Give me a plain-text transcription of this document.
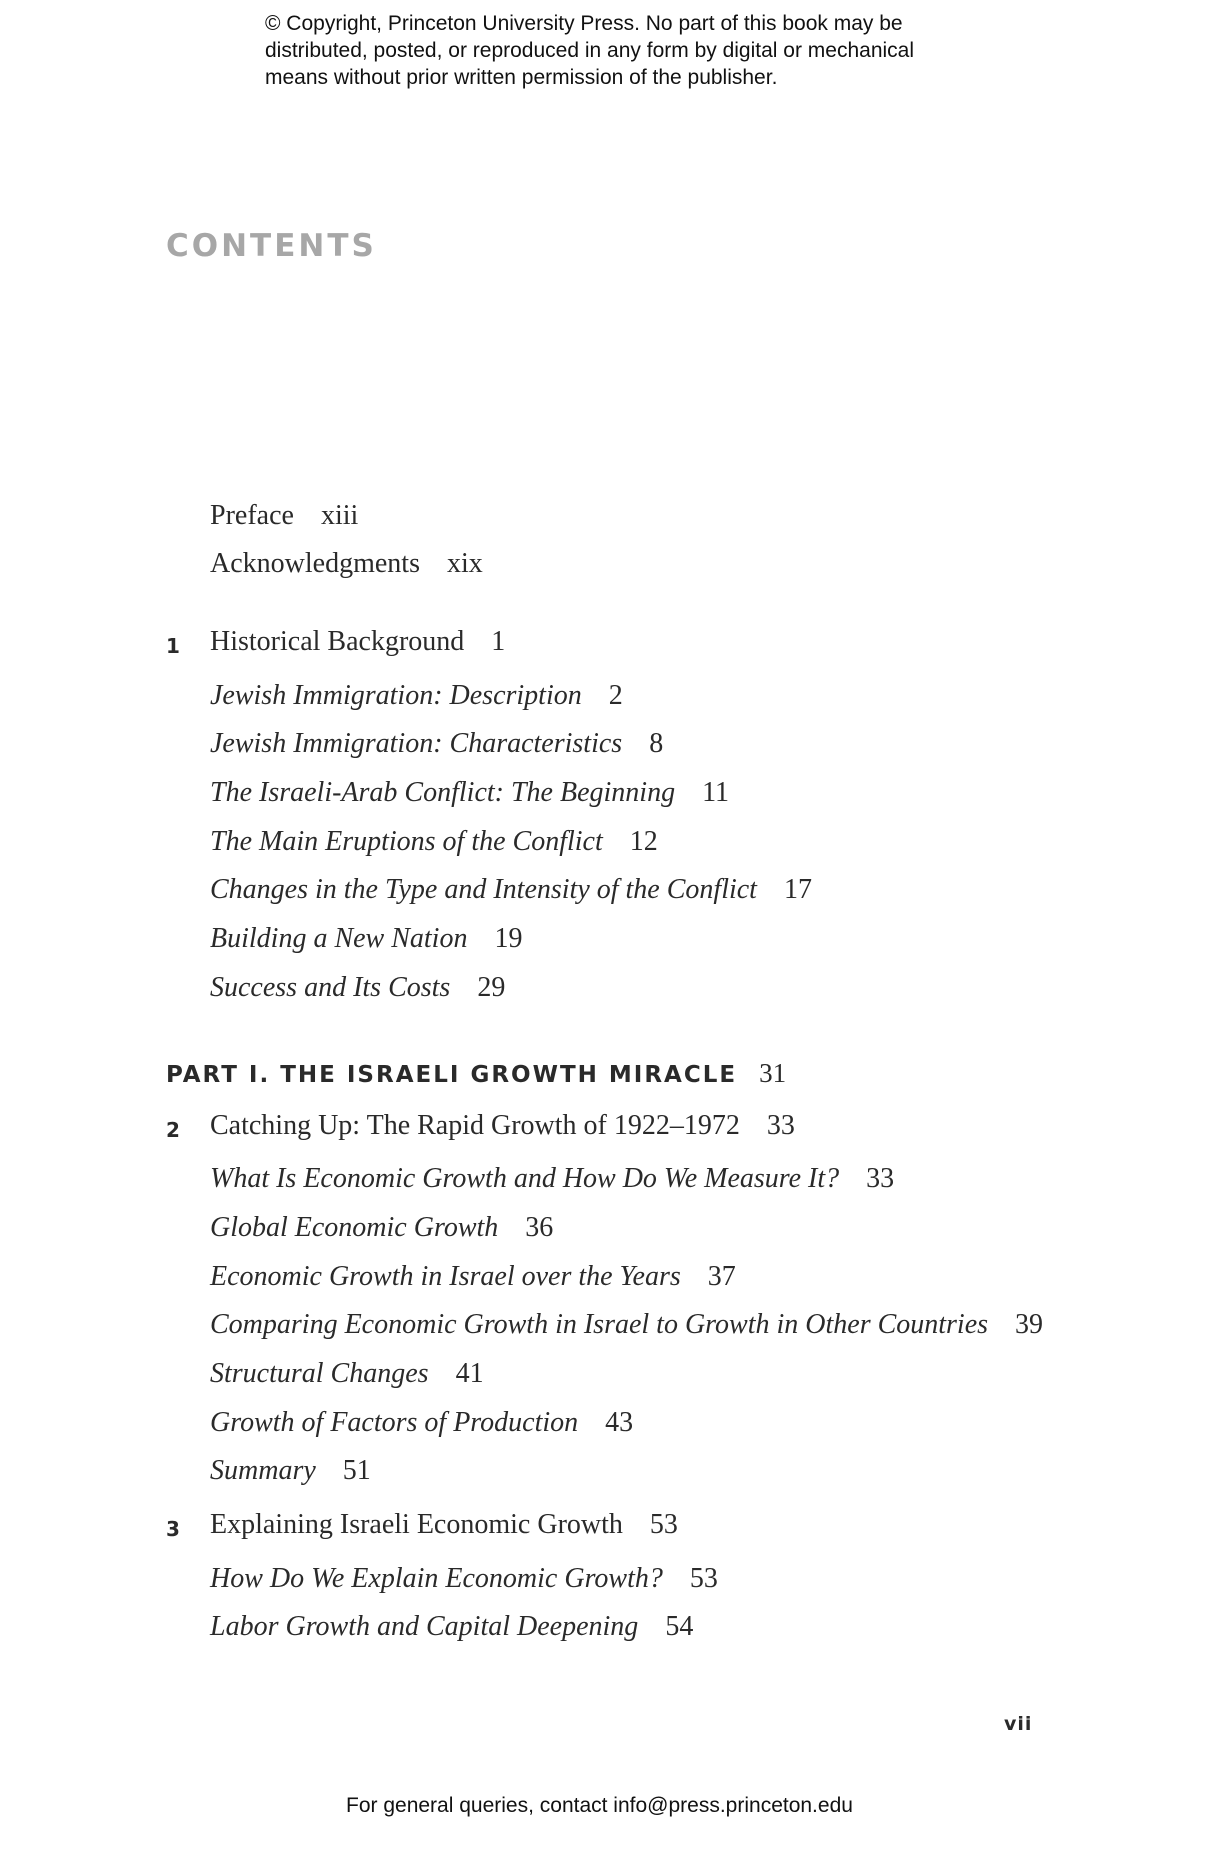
© Copyright, Princeton University Press. No part of this book may be
distributed, posted, or reproduced in any form by digital or mechanical
means without prior written permission of the publisher.
CONTENTS
Preface xiii
Acknowledgments xix
1 Historical Background 1
Jewish Immigration: Description 2
Jewish Immigration: Characteristics 8
The Israeli-Arab Conflict: The Beginning 11
The Main Eruptions of the Conflict 12
Changes in the Type and Intensity of the Conflict 17
Building a New Nation 19
Success and Its Costs 29
PART I. THE ISRAELI GROWTH MIRACLE 31
2 Catching Up: The Rapid Growth of 1922–1972 33
What Is Economic Growth and How Do We Measure It? 33
Global Economic Growth 36
Economic Growth in Israel over the Years 37
Comparing Economic Growth in Israel to Growth in Other Countries 39
Structural Changes 41
Growth of Factors of Production 43
Summary 51
3 Explaining Israeli Economic Growth 53
How Do We Explain Economic Growth? 53
Labor Growth and Capital Deepening 54
vii
For general queries, contact info@press.princeton.edu
